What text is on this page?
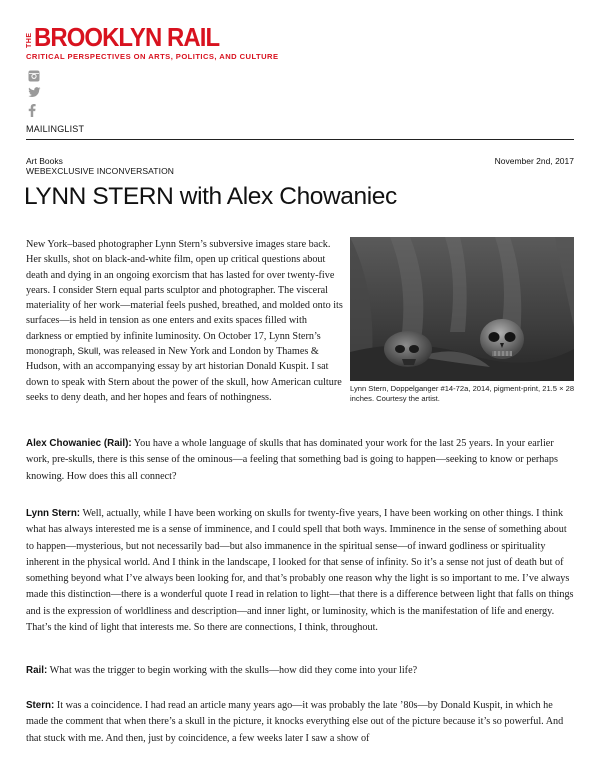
THE BROOKLYN RAIL
CRITICAL PERSPECTIVES ON ARTS, POLITICS, AND CULTURE
MAILINGLIST
Art Books
WEBEXCLUSIVE INCONVERSATION
November 2nd, 2017
LYNN STERN with Alex Chowaniec

New York–based photographer Lynn Stern’s subversive images stare back. Her skulls, shot on black-and-white film, open up critical questions about death and dying in an ongoing exorcism that has lasted for over twenty-five years. I consider Stern equal parts sculptor and photographer. The visceral materiality of her work—material feels pushed, breathed, and molded onto its surfaces—is held in tension as one enters and exits spaces filled with darkness or emptied by infinite luminosity. On October 17, Lynn Stern’s monograph, Skull, was released in New York and London by Thames & Hudson, with an accompanying essay by art historian Donald Kuspit. I sat down to speak with Stern about the power of the skull, how American culture seeks to deny death, and her hopes and fears of nothingness.

Lynn Stern, Doppelganger #14-72a, 2014, pigment-print, 21.5 × 28 inches. Courtesy the artist.

Alex Chowaniec (Rail): You have a whole language of skulls that has dominated your work for the last 25 years. In your earlier work, pre-skulls, there is this sense of the ominous—a feeling that something bad is going to happen—seeking to know or perhaps knowing. How does this all connect?

Lynn Stern: Well, actually, while I have been working on skulls for twenty-five years, I have been working on other things. I think what has always interested me is a sense of imminence, and I could spell that both ways. Imminence in the sense of something about to happen—mysterious, but not necessarily bad—but also immanence in the spiritual sense—of inward godliness or spirituality inherent in the physical world. And I think in the landscape, I looked for that sense of infinity. So it’s a sense not just of death but of something beyond what I’ve always been looking for, and that’s probably one reason why the light is so important to me. I’ve always made this distinction—there is a wonderful quote I read in relation to light—that there is a difference between light that falls on things and is the expression of worldliness and description—and inner light, or luminosity, which is the manifestation of life and energy. That’s the kind of light that interests me. So there are connections, I think, throughout.

Rail: What was the trigger to begin working with the skulls—how did they come into your life?

Stern: It was a coincidence. I had read an article many years ago—it was probably the late ’80s—by Donald Kuspit, in which he made the comment that when there’s a skull in the picture, it knocks everything else out of the picture because it’s so powerful. And that stuck with me. And then, just by coincidence, a few weeks later I saw a show of
